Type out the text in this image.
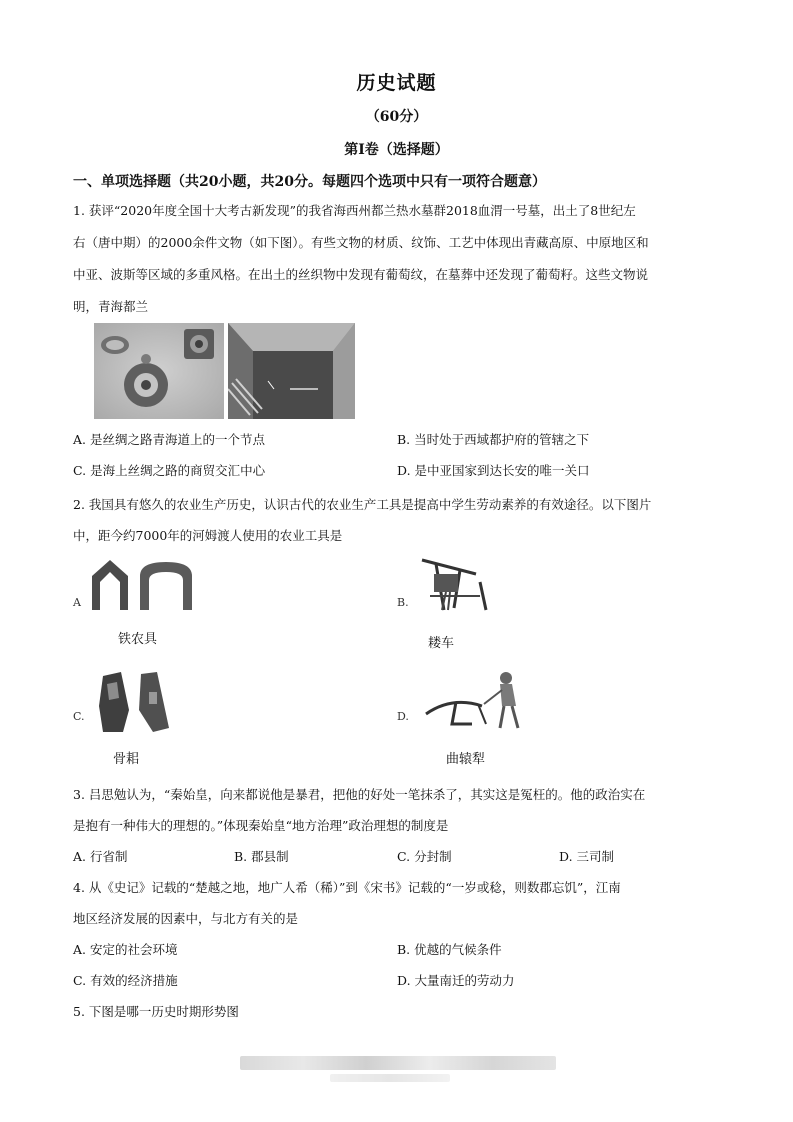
历史试题
（60分）
第Ⅰ卷（选择题）
一、单项选择题（共20小题，共20分。每题四个选项中只有一项符合题意）
1. 获评“2020年度全国十大考古新发现”的我省海西州都兰热水墓群2018血渭一号墓，出土了8世纪左
右（唐中期）的2000余件文物（如下图）。有些文物的材质、纹饰、工艺中体现出青藏高原、中原地区和
中亚、波斯等区域的多重风格。在出土的丝织物中发现有葡萄纹，在墓葬中还发现了葡萄籽。这些文物说
明，青海都兰
A. 是丝绸之路青海道上的一个节点	B. 当时处于西域都护府的管辖之下
C. 是海上丝绸之路的商贸交汇中心	D. 是中亚国家到达长安的唯一关口
2. 我国具有悠久的农业生产历史，认识古代的农业生产工具是提高中学生劳动素养的有效途径。以下图片
中，距今约7000年的河姆渡人使用的农业工具是
A
铁农具
B.
耧车
C.
骨耜
D.
曲辕犁
3. 吕思勉认为，“秦始皇，向来都说他是暴君，把他的好处一笔抹杀了，其实这是冤枉的。他的政治实在
是抱有一种伟大的理想的。”体现秦始皇“地方治理”政治理想的制度是
A. 行省制	B. 郡县制	C. 分封制	D. 三司制
4. 从《史记》记载的“楚越之地，地广人希（稀）”到《宋书》记载的“一岁或稔，则数郡忘饥”，江南
地区经济发展的因素中，与北方有关的是
A. 安定的社会环境	B. 优越的气候条件
C. 有效的经济措施	D. 大量南迁的劳动力
5. 下图是哪一历史时期形势图
